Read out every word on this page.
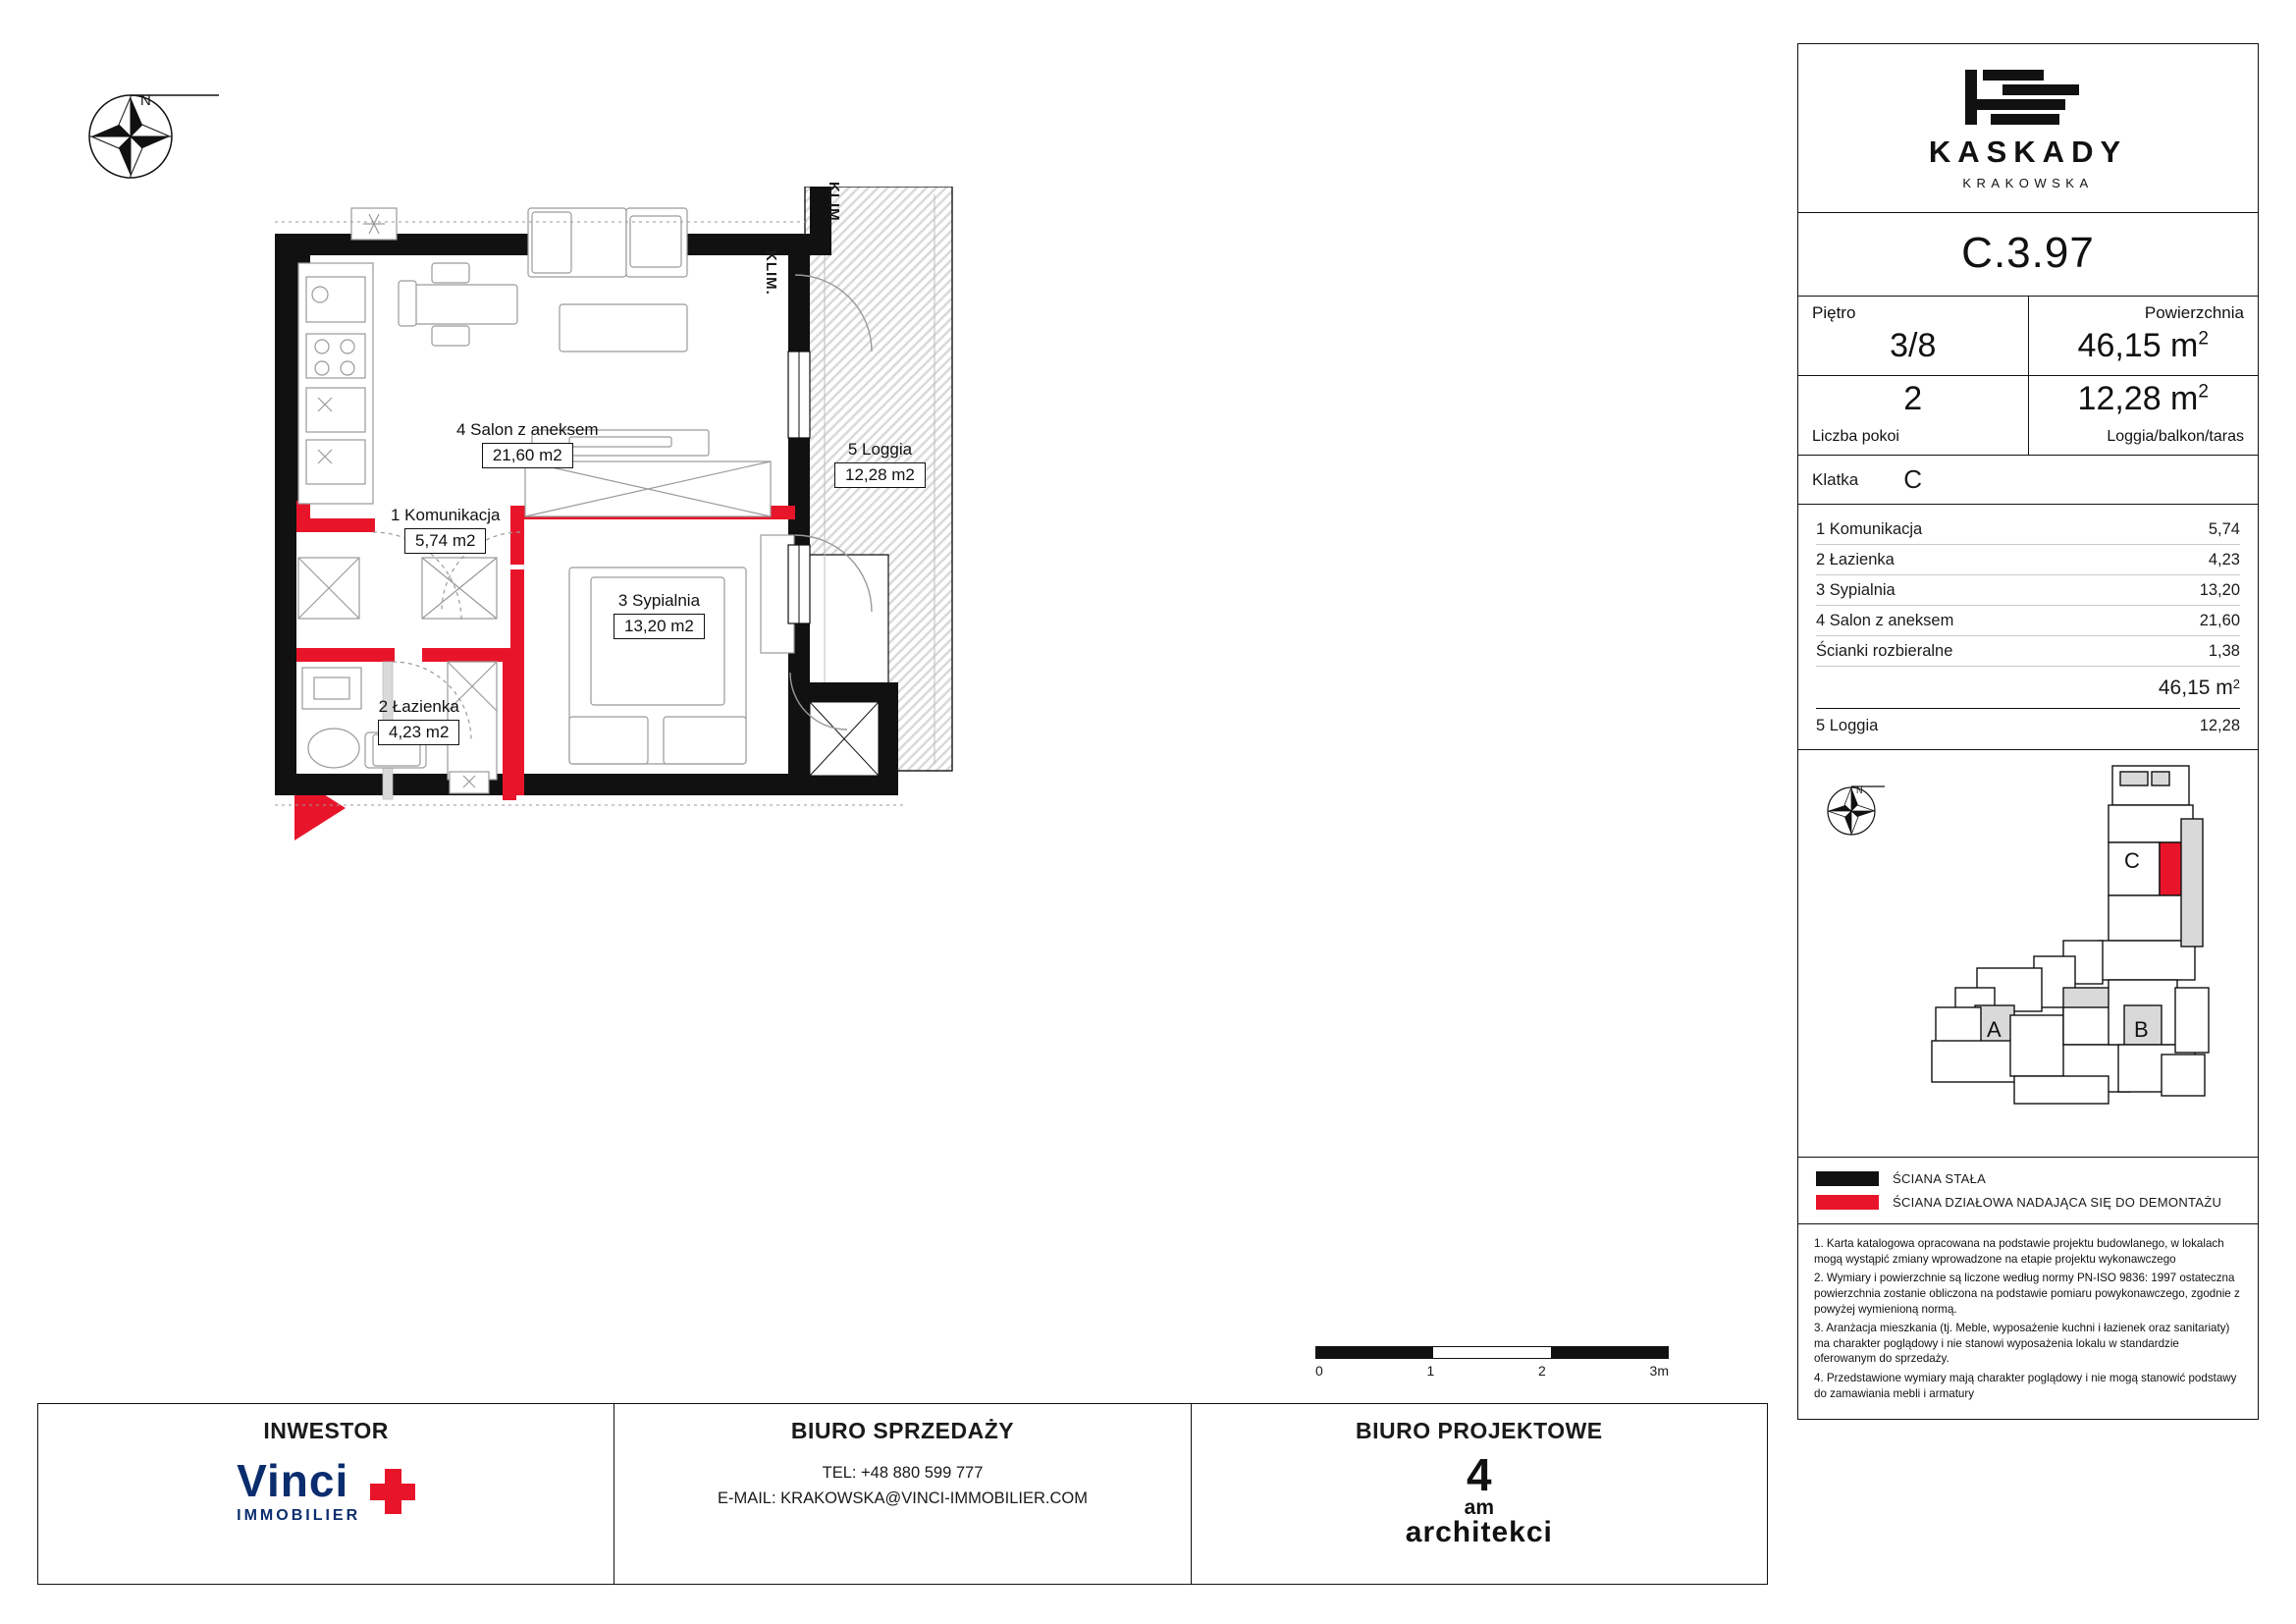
N
4 Salon z aneksem
21,60 m2
1 Komunikacja
5,74 m2
3 Sypialnia
13,20 m2
2 Łazienka
4,23 m2
5 Loggia
12,28 m2
KLIM.
KLIM.
0	1	2	3m
KASKADY
KRAKOWSKA
C.3.97
Piętro
3/8
Powierzchnia
46,15 $m^2$
2
Liczba pokoi
12,28 $m^2$
Loggia/balkon/taras
Klatka C
1 Komunikacja	5,74
2 Łazienka	4,23
3 Sypialnia	13,20
4 Salon z aneksem	21,60
Ścianki rozbieralne	1,38
46,15 m 2
5 Loggia	12,28
N
C
A	B
ŚCIANA STAŁA
ŚCIANA DZIAŁOWA NADAJĄCA SIĘ DO DEMONTAŻU

1. Karta katalogowa opracowana na podstawie projektu budowlanego, w lokalach mogą wystąpić zmiany wprowadzone na etapie projektu wykonawczego

2. Wymiary i powierzchnie są liczone według normy PN-ISO 9836: 1997 ostateczna powierzchnia zostanie obliczona na podstawie pomiaru powykonawczego, zgodnie z powyżej wymienioną normą.

3. Aranżacja mieszkania (tj. Meble, wyposażenie kuchni i łazienek oraz sanitariaty) ma charakter poglądowy i nie stanowi wyposażenia lokalu w standardzie oferowanym do sprzedaży.

4. Przedstawione wymiary mają charakter poglądowy i nie mogą stanowić podstawy do zamawiania mebli i armatury

INWESTOR
Vinci
IMMOBILIER
BIURO SPRZEDAŻY
TEL: +48 880 599 777
E-MAIL: KRAKOWSKA@VINCI-IMMOBILIER.COM
BIURO PROJEKTOWE
4
am
architekci
